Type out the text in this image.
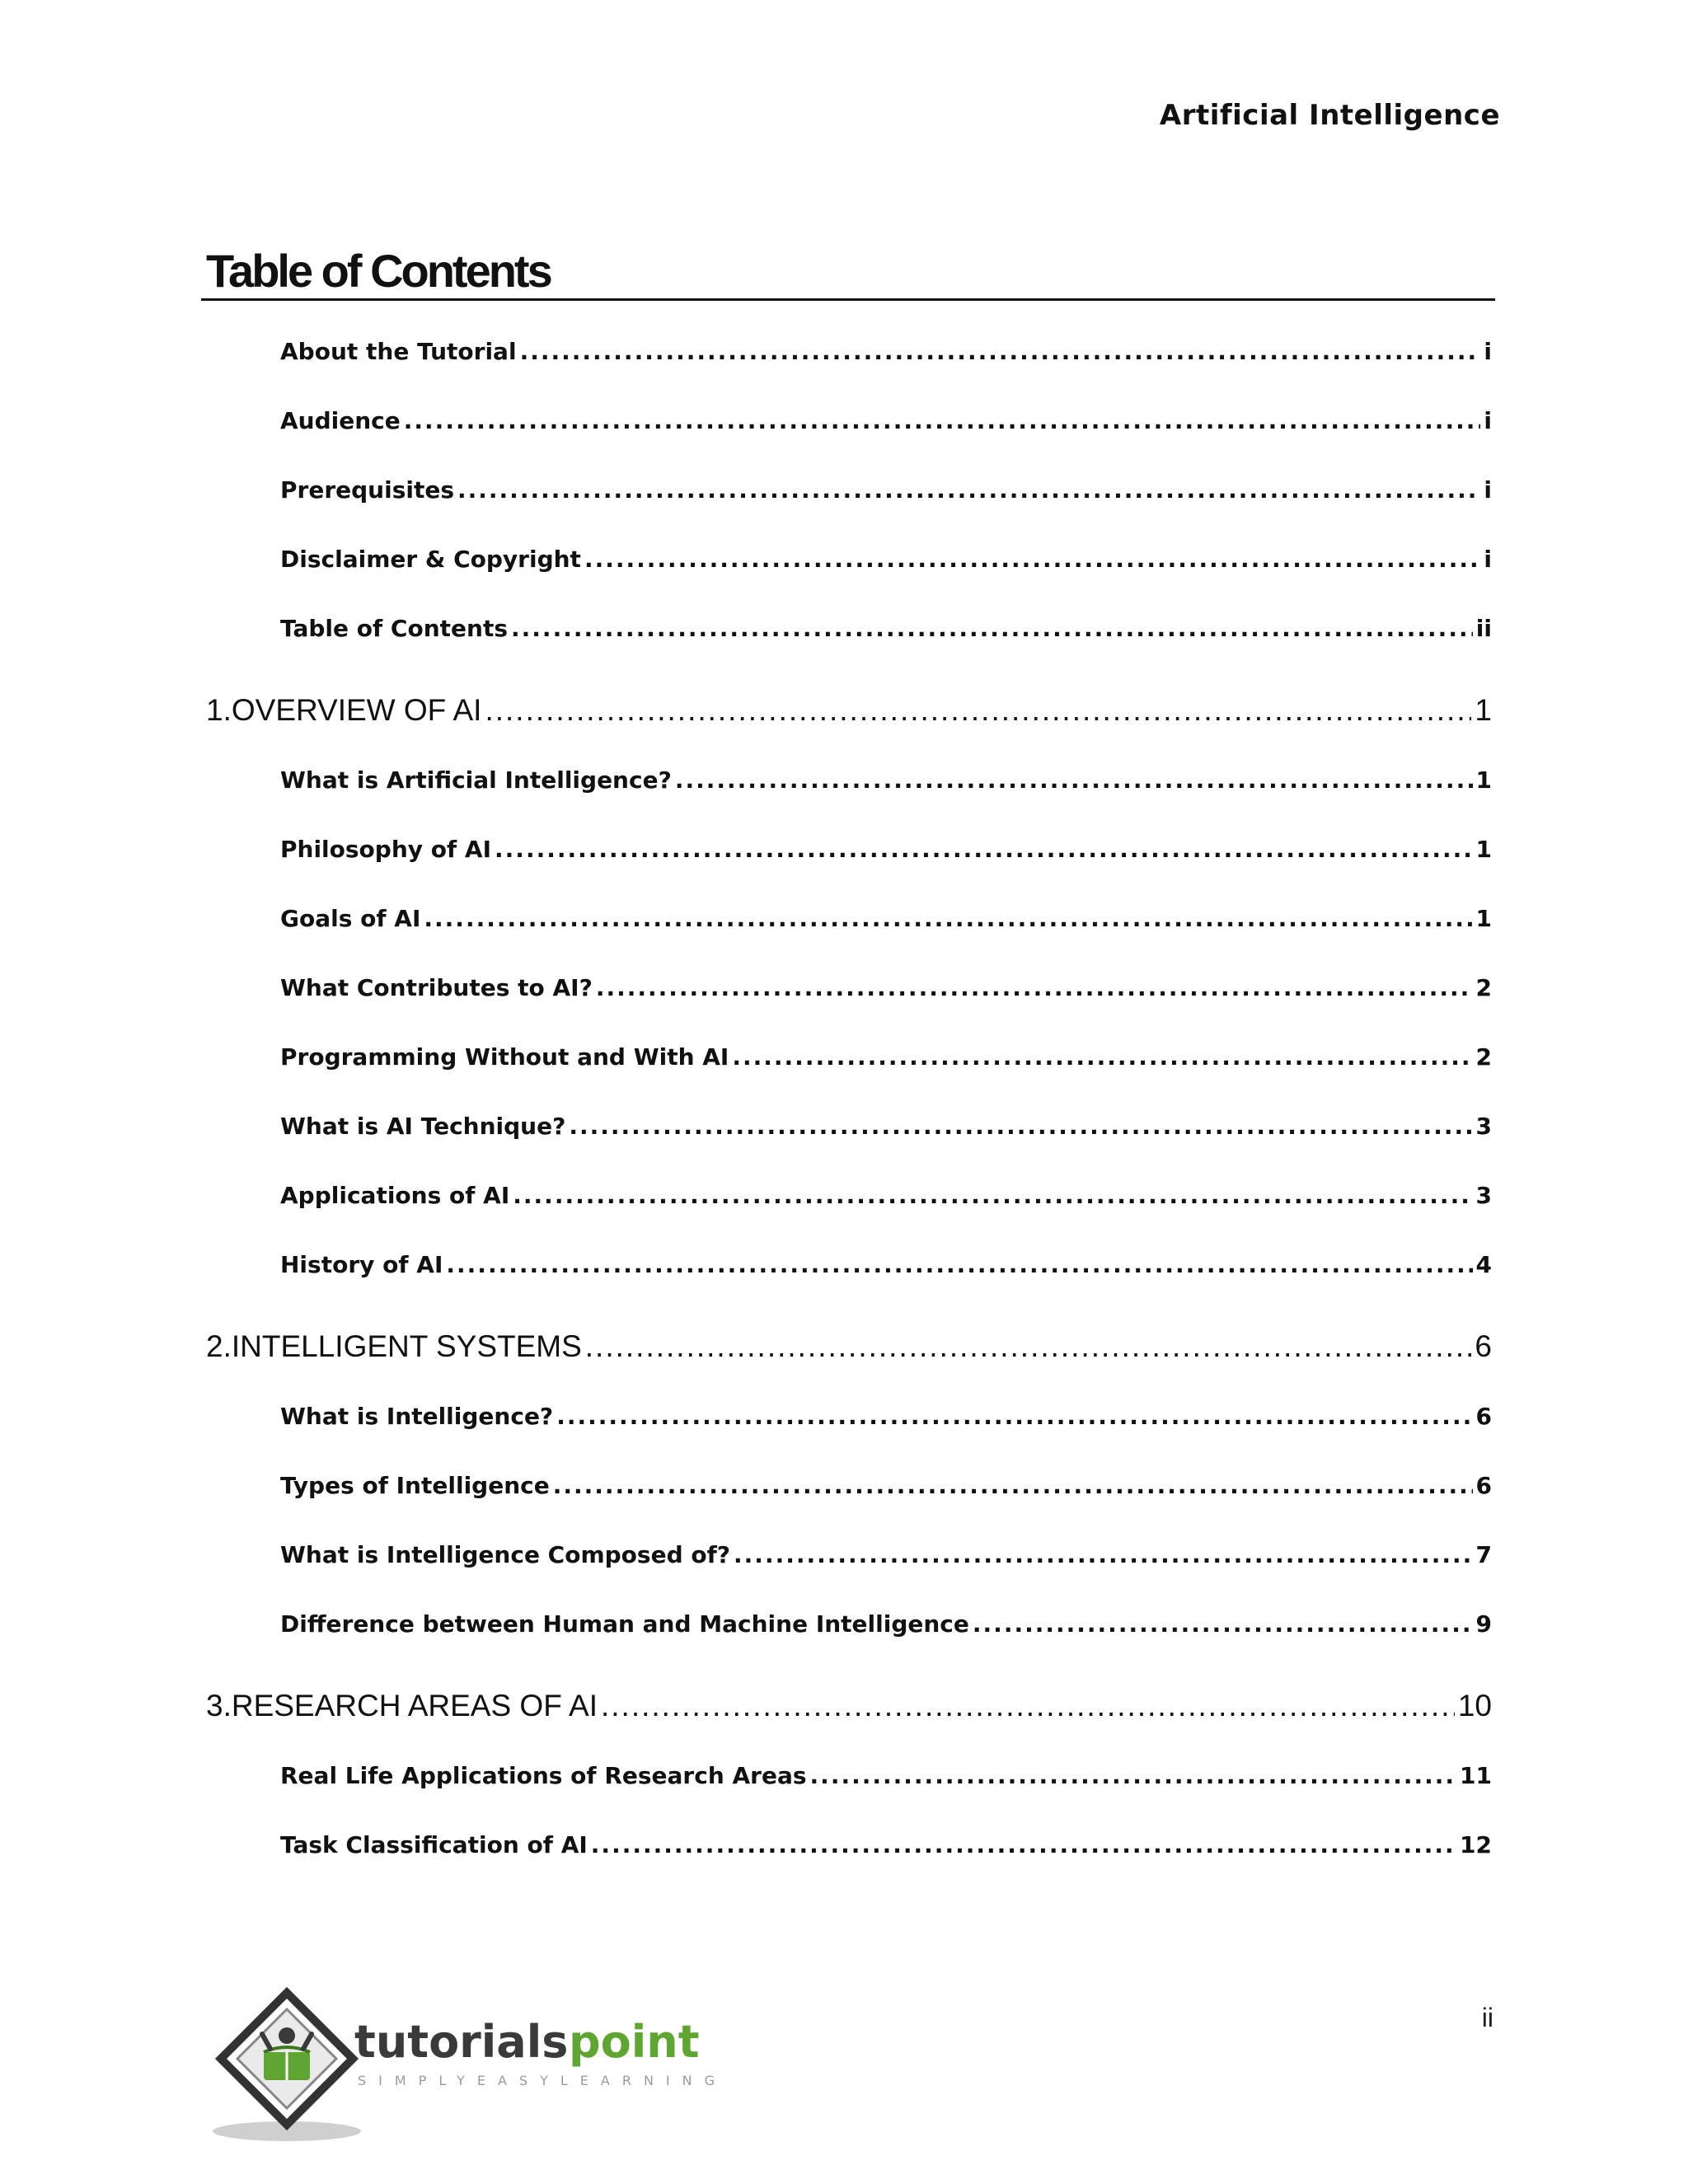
Artificial Intelligence
Table of Contents
About the Tutorial .....	i
Audience .....	i
Prerequisites .....	i
Disclaimer & Copyright .....	i
Table of Contents .....	ii
1. OVERVIEW OF AI .....	1
What is Artificial Intelligence? .....	1
Philosophy of AI .....	1
Goals of AI .....	1
What Contributes to AI? .....	2
Programming Without and With AI .....	2
What is AI Technique? .....	3
Applications of AI .....	3
History of AI .....	4
2. INTELLIGENT SYSTEMS .....	6
What is Intelligence? .....	6
Types of Intelligence .....	6
What is Intelligence Composed of? .....	7
Difference between Human and Machine Intelligence .....	9
3. RESEARCH AREAS OF AI .....	10
Real Life Applications of Research Areas .....	11
Task Classification of AI .....	12
ii
tutorials point
SIMPLYEASYLEARNING
